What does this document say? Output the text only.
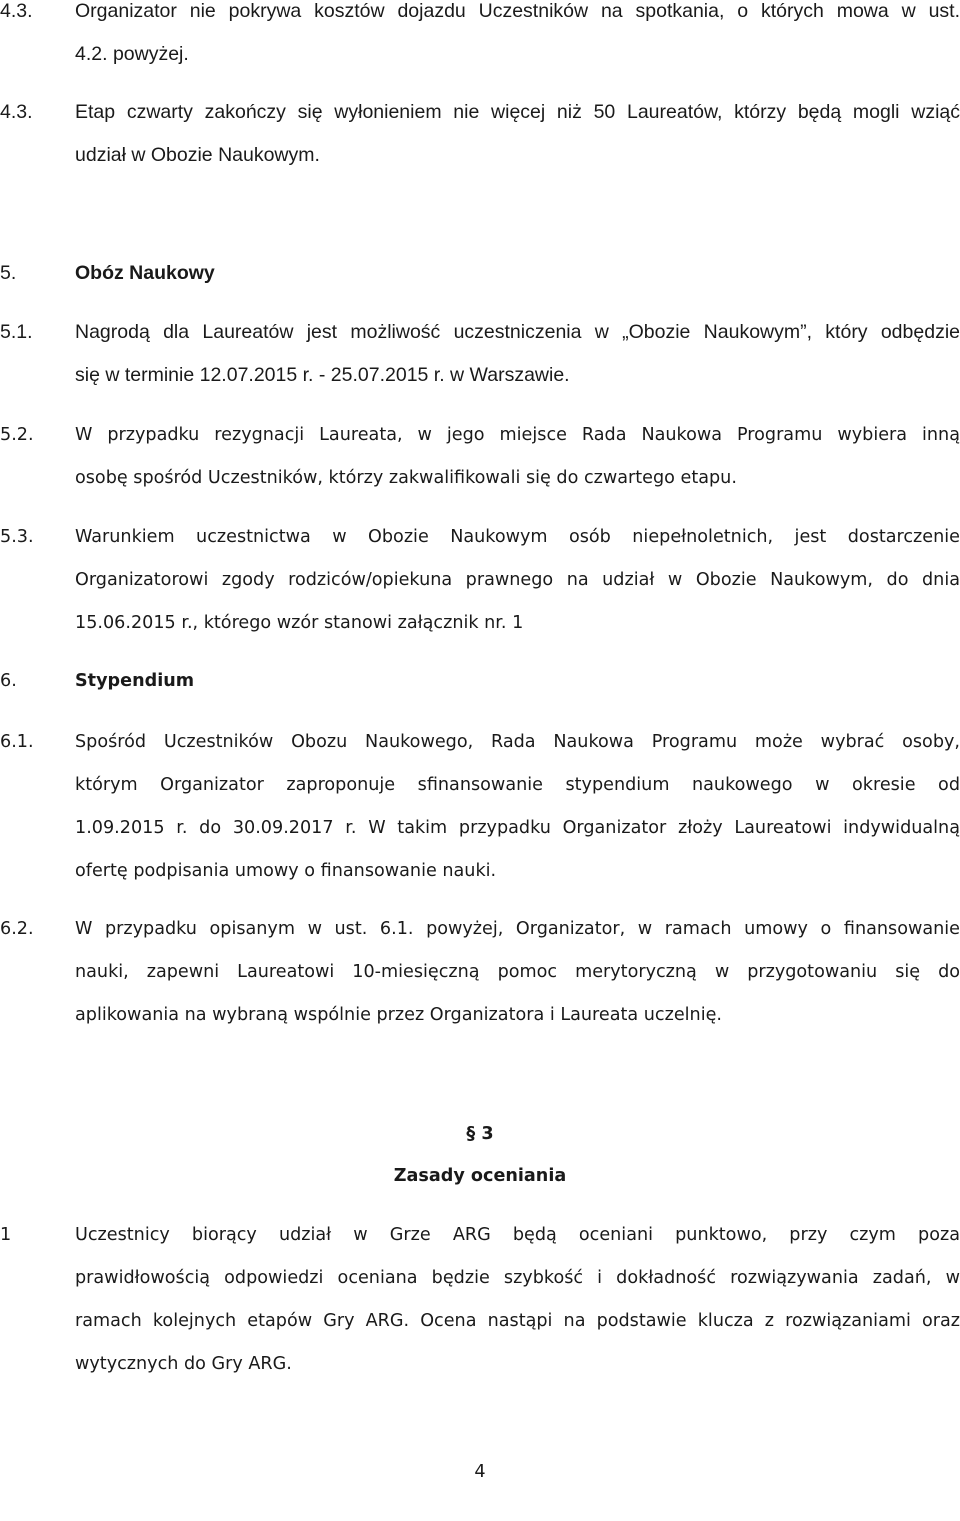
4.3. Organizator nie pokrywa kosztów dojazdu Uczestników na spotkania, o których mowa w ust.
4.2. powyżej.
4.3. Etap czwarty zakończy się wyłonieniem nie więcej niż 50 Laureatów, którzy będą mogli wziąć
udział w Obozie Naukowym.
5.	Obóz Naukowy
5.1. Nagrodą dla Laureatów jest możliwość uczestniczenia w „Obozie Naukowym”, który odbędzie
się w terminie 12.07.2015 r. - 25.07.2015 r. w Warszawie.
5.2. W przypadku rezygnacji Laureata, w jego miejsce Rada Naukowa Programu wybiera inną
osobę spośród Uczestników, którzy zakwalifikowali się do czwartego etapu.
5.3. Warunkiem uczestnictwa w Obozie Naukowym osób niepełnoletnich, jest dostarczenie
Organizatorowi zgody rodziców/opiekuna prawnego na udział w Obozie Naukowym, do dnia
15.06.2015 r., którego wzór stanowi załącznik nr. 1
6.	Stypendium
6.1. Spośród Uczestników Obozu Naukowego, Rada Naukowa Programu może wybrać osoby,
którym Organizator zaproponuje sfinansowanie stypendium naukowego w okresie od
1.09.2015 r. do 30.09.2017 r. W takim przypadku Organizator złoży Laureatowi indywidualną
ofertę podpisania umowy o finansowanie nauki.
6.2. W przypadku opisanym w ust. 6.1. powyżej, Organizator, w ramach umowy o finansowanie
nauki, zapewni Laureatowi 10-miesięczną pomoc merytoryczną w przygotowaniu się do
aplikowania na wybraną wspólnie przez Organizatora i Laureata uczelnię.
§ 3
Zasady oceniania
1	Uczestnicy biorący udział w Grze ARG będą oceniani punktowo, przy czym poza
prawidłowością odpowiedzi oceniana będzie szybkość i dokładność rozwiązywania zadań, w
ramach kolejnych etapów Gry ARG. Ocena nastąpi na podstawie klucza z rozwiązaniami oraz
wytycznych do Gry ARG.
4
